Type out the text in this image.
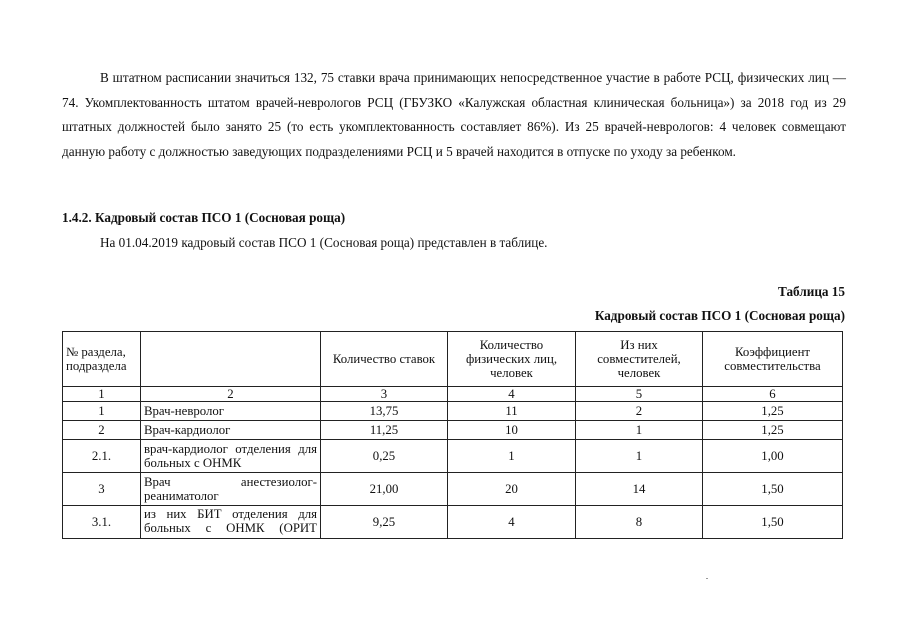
В штатном расписании значиться 132, 75 ставки врача принимающих непосредственное участие в работе РСЦ, физических лиц — 74. Укомплектованность штатом врачей-неврологов РСЦ (ГБУЗКО «Калужская областная клиническая больница») за 2018 год из 29 штатных должностей было занято 25 (то есть укомплектованность составляет 86%). Из 25 врачей-неврологов: 4 человек совмещают данную работу с должностью заведующих подразделениями РСЦ и 5 врачей находится в отпуске по уходу за ребенком.

1.4.2. Кадровый состав ПСО 1 (Сосновая роща)
На 01.04.2019 кадровый состав ПСО 1 (Сосновая роща) представлен в таблице.
Таблица 15
Кадровый состав ПСО 1 (Сосновая роща)
№ раздела, подраздела		Количество ставок	Количество физических лиц, человек	Из них совместителей, человек	Коэффициент совместительства
1	2	3	4	5	6
1	Врач-невролог	13,75	11	2	1,25
2	Врач-кардиолог	11,25	10	1	1,25
2.1.	врач-кардиолог отделения для больных с ОНМК	0,25	1	1	1,00
3	Врач анестезиолог-реаниматолог	21,00	20	14	1,50
3.1.	из них БИТ отделения для больных с ОНМК (ОРИТ	9,25	4	8	1,50
